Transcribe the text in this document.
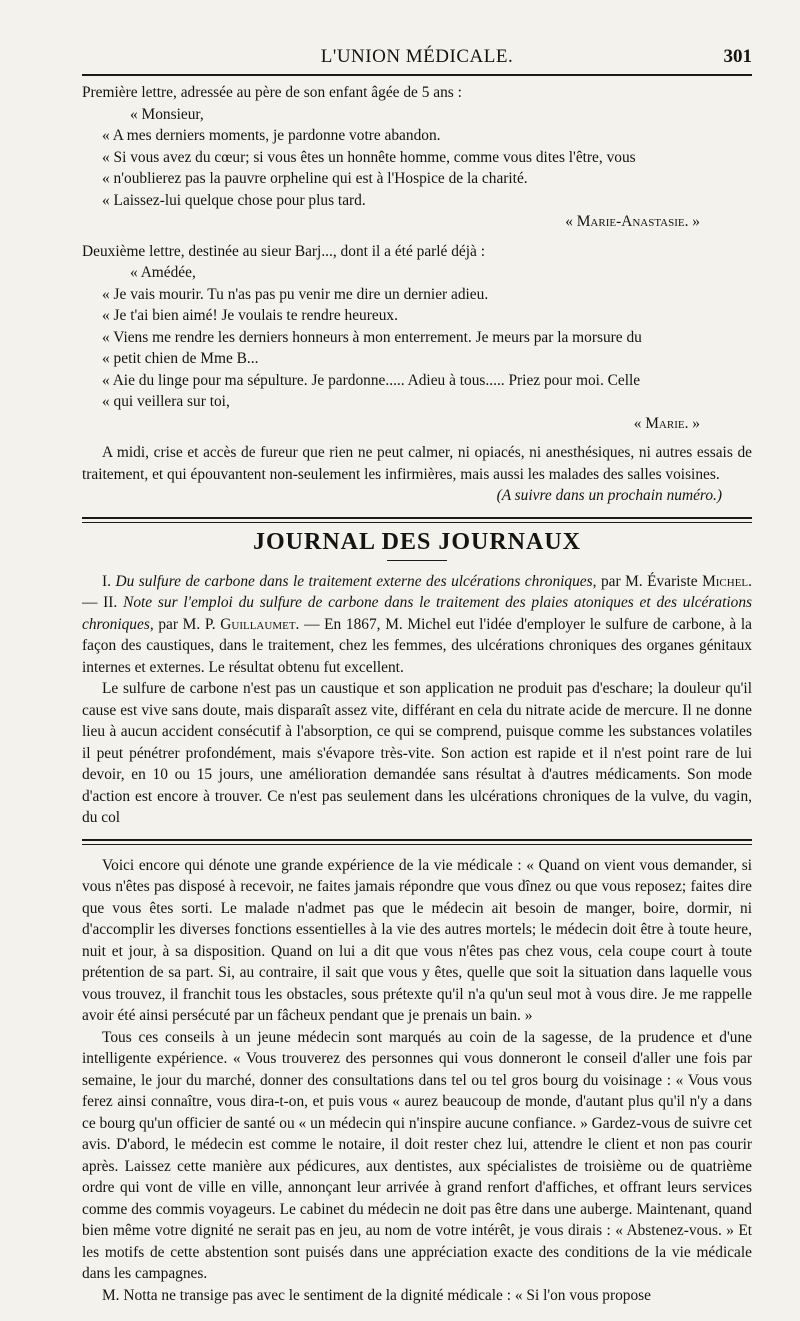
L'UNION MÉDICALE.	301

Première lettre, adressée au père de son enfant âgée de 5 ans :

« Monsieur,

« A mes derniers moments, je pardonne votre abandon.

« Si vous avez du cœur; si vous êtes un honnête homme, comme vous dites l'être, vous

« n'oublierez pas la pauvre orpheline qui est à l'Hospice de la charité.

« Laissez-lui quelque chose pour plus tard.

« Marie-Anastasie. »

Deuxième lettre, destinée au sieur Barj..., dont il a été parlé déjà :

« Amédée,

« Je vais mourir. Tu n'as pas pu venir me dire un dernier adieu.

« Je t'ai bien aimé! Je voulais te rendre heureux.

« Viens me rendre les derniers honneurs à mon enterrement. Je meurs par la morsure du

« petit chien de Mme B...

« Aie du linge pour ma sépulture. Je pardonne..... Adieu à tous..... Priez pour moi. Celle

« qui veillera sur toi,

« Marie. »

A midi, crise et accès de fureur que rien ne peut calmer, ni opiacés, ni anesthésiques, ni autres essais de traitement, et qui épouvantent non-seulement les infirmières, mais aussi les malades des salles voisines.

(A suivre dans un prochain numéro.)

JOURNAL DES JOURNAUX

I. Du sulfure de carbone dans le traitement externe des ulcérations chroniques, par M. Évariste Michel. — II. Note sur l'emploi du sulfure de carbone dans le traitement des plaies atoniques et des ulcérations chroniques, par M. P. Guillaumet. — En 1867, M. Michel eut l'idée d'employer le sulfure de carbone, à la façon des caustiques, dans le traitement, chez les femmes, des ulcérations chroniques des organes génitaux internes et externes. Le résultat obtenu fut excellent.

Le sulfure de carbone n'est pas un caustique et son application ne produit pas d'eschare; la douleur qu'il cause est vive sans doute, mais disparaît assez vite, différant en cela du nitrate acide de mercure. Il ne donne lieu à aucun accident consécutif à l'absorption, ce qui se comprend, puisque comme les substances volatiles il peut pénétrer profondément, mais s'évapore très-vite. Son action est rapide et il n'est point rare de lui devoir, en 10 ou 15 jours, une amélioration demandée sans résultat à d'autres médicaments. Son mode d'action est encore à trouver. Ce n'est pas seulement dans les ulcérations chroniques de la vulve, du vagin, du col

Voici encore qui dénote une grande expérience de la vie médicale : « Quand on vient vous demander, si vous n'êtes pas disposé à recevoir, ne faites jamais répondre que vous dînez ou que vous reposez; faites dire que vous êtes sorti. Le malade n'admet pas que le médecin ait besoin de manger, boire, dormir, ni d'accomplir les diverses fonctions essentielles à la vie des autres mortels; le médecin doit être à toute heure, nuit et jour, à sa disposition. Quand on lui a dit que vous n'êtes pas chez vous, cela coupe court à toute prétention de sa part. Si, au contraire, il sait que vous y êtes, quelle que soit la situation dans laquelle vous vous trouvez, il franchit tous les obstacles, sous prétexte qu'il n'a qu'un seul mot à vous dire. Je me rappelle avoir été ainsi persécuté par un fâcheux pendant que je prenais un bain. »

Tous ces conseils à un jeune médecin sont marqués au coin de la sagesse, de la prudence et d'une intelligente expérience. « Vous trouverez des personnes qui vous donneront le conseil d'aller une fois par semaine, le jour du marché, donner des consultations dans tel ou tel gros bourg du voisinage : « Vous vous ferez ainsi connaître, vous dira-t-on, et puis vous « aurez beaucoup de monde, d'autant plus qu'il n'y a dans ce bourg qu'un officier de santé ou « un médecin qui n'inspire aucune confiance. » Gardez-vous de suivre cet avis. D'abord, le médecin est comme le notaire, il doit rester chez lui, attendre le client et non pas courir après. Laissez cette manière aux pédicures, aux dentistes, aux spécialistes de troisième ou de quatrième ordre qui vont de ville en ville, annonçant leur arrivée à grand renfort d'affiches, et offrant leurs services comme des commis voyageurs. Le cabinet du médecin ne doit pas être dans une auberge. Maintenant, quand bien même votre dignité ne serait pas en jeu, au nom de votre intérêt, je vous dirais : « Abstenez-vous. » Et les motifs de cette abstention sont puisés dans une appréciation exacte des conditions de la vie médicale dans les campagnes.

M. Notta ne transige pas avec le sentiment de la dignité médicale : « Si l'on vous propose
